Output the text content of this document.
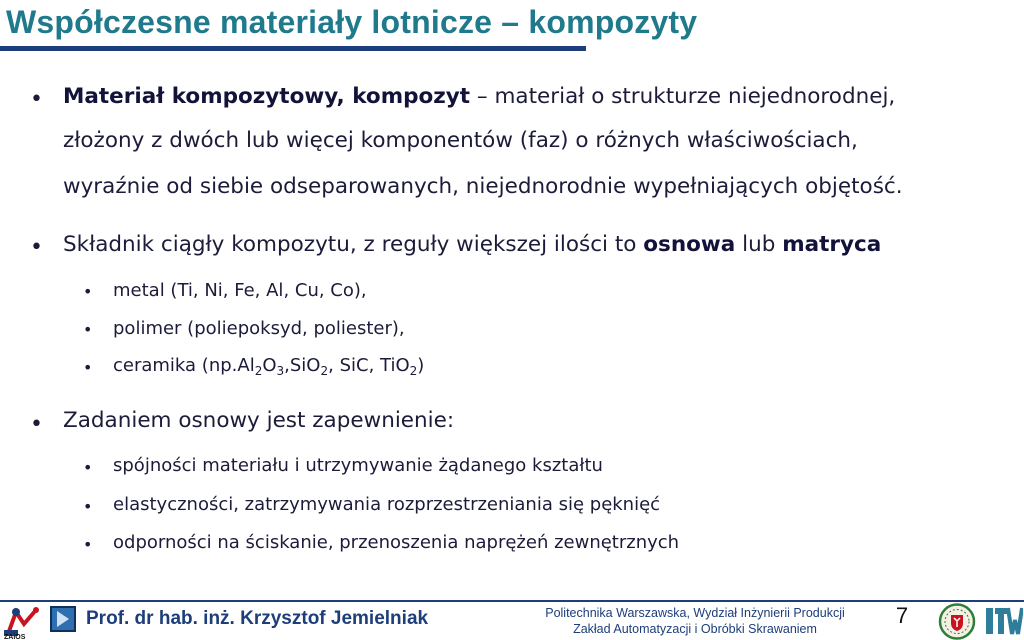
Współczesne materiały lotnicze – kompozyty
• Materiał kompozytowy, kompozyt – materiał o strukturze niejednorodnej,
złożony z dwóch lub więcej komponentów (faz) o różnych właściwościach,
wyraźnie od siebie odseparowanych, niejednorodnie wypełniających objętość.
• Składnik ciągły kompozytu, z reguły większej ilości to osnowa lub matryca
• metal (Ti, Ni, Fe, Al, Cu, Co),
• polimer (poliepoksyd, poliester),
• ceramika ($np.Al_2O_3,SiO_2$, SiC, TiO$_2$)
• Zadaniem osnowy jest zapewnienie:
• spójności materiału i utrzymywanie żądanego kształtu
• elastyczności, zatrzymywania rozprzestrzeniania się pęknięć
• odporności na ściskanie, przenoszenia naprężeń zewnętrznych
ZAiOS
Prof. dr hab. inż. Krzysztof Jemielniak	Politechnika Warszawska, Wydział Inżynierii Produkcji
Zakład Automatyzacji i Obróbki Skrawaniem
7
